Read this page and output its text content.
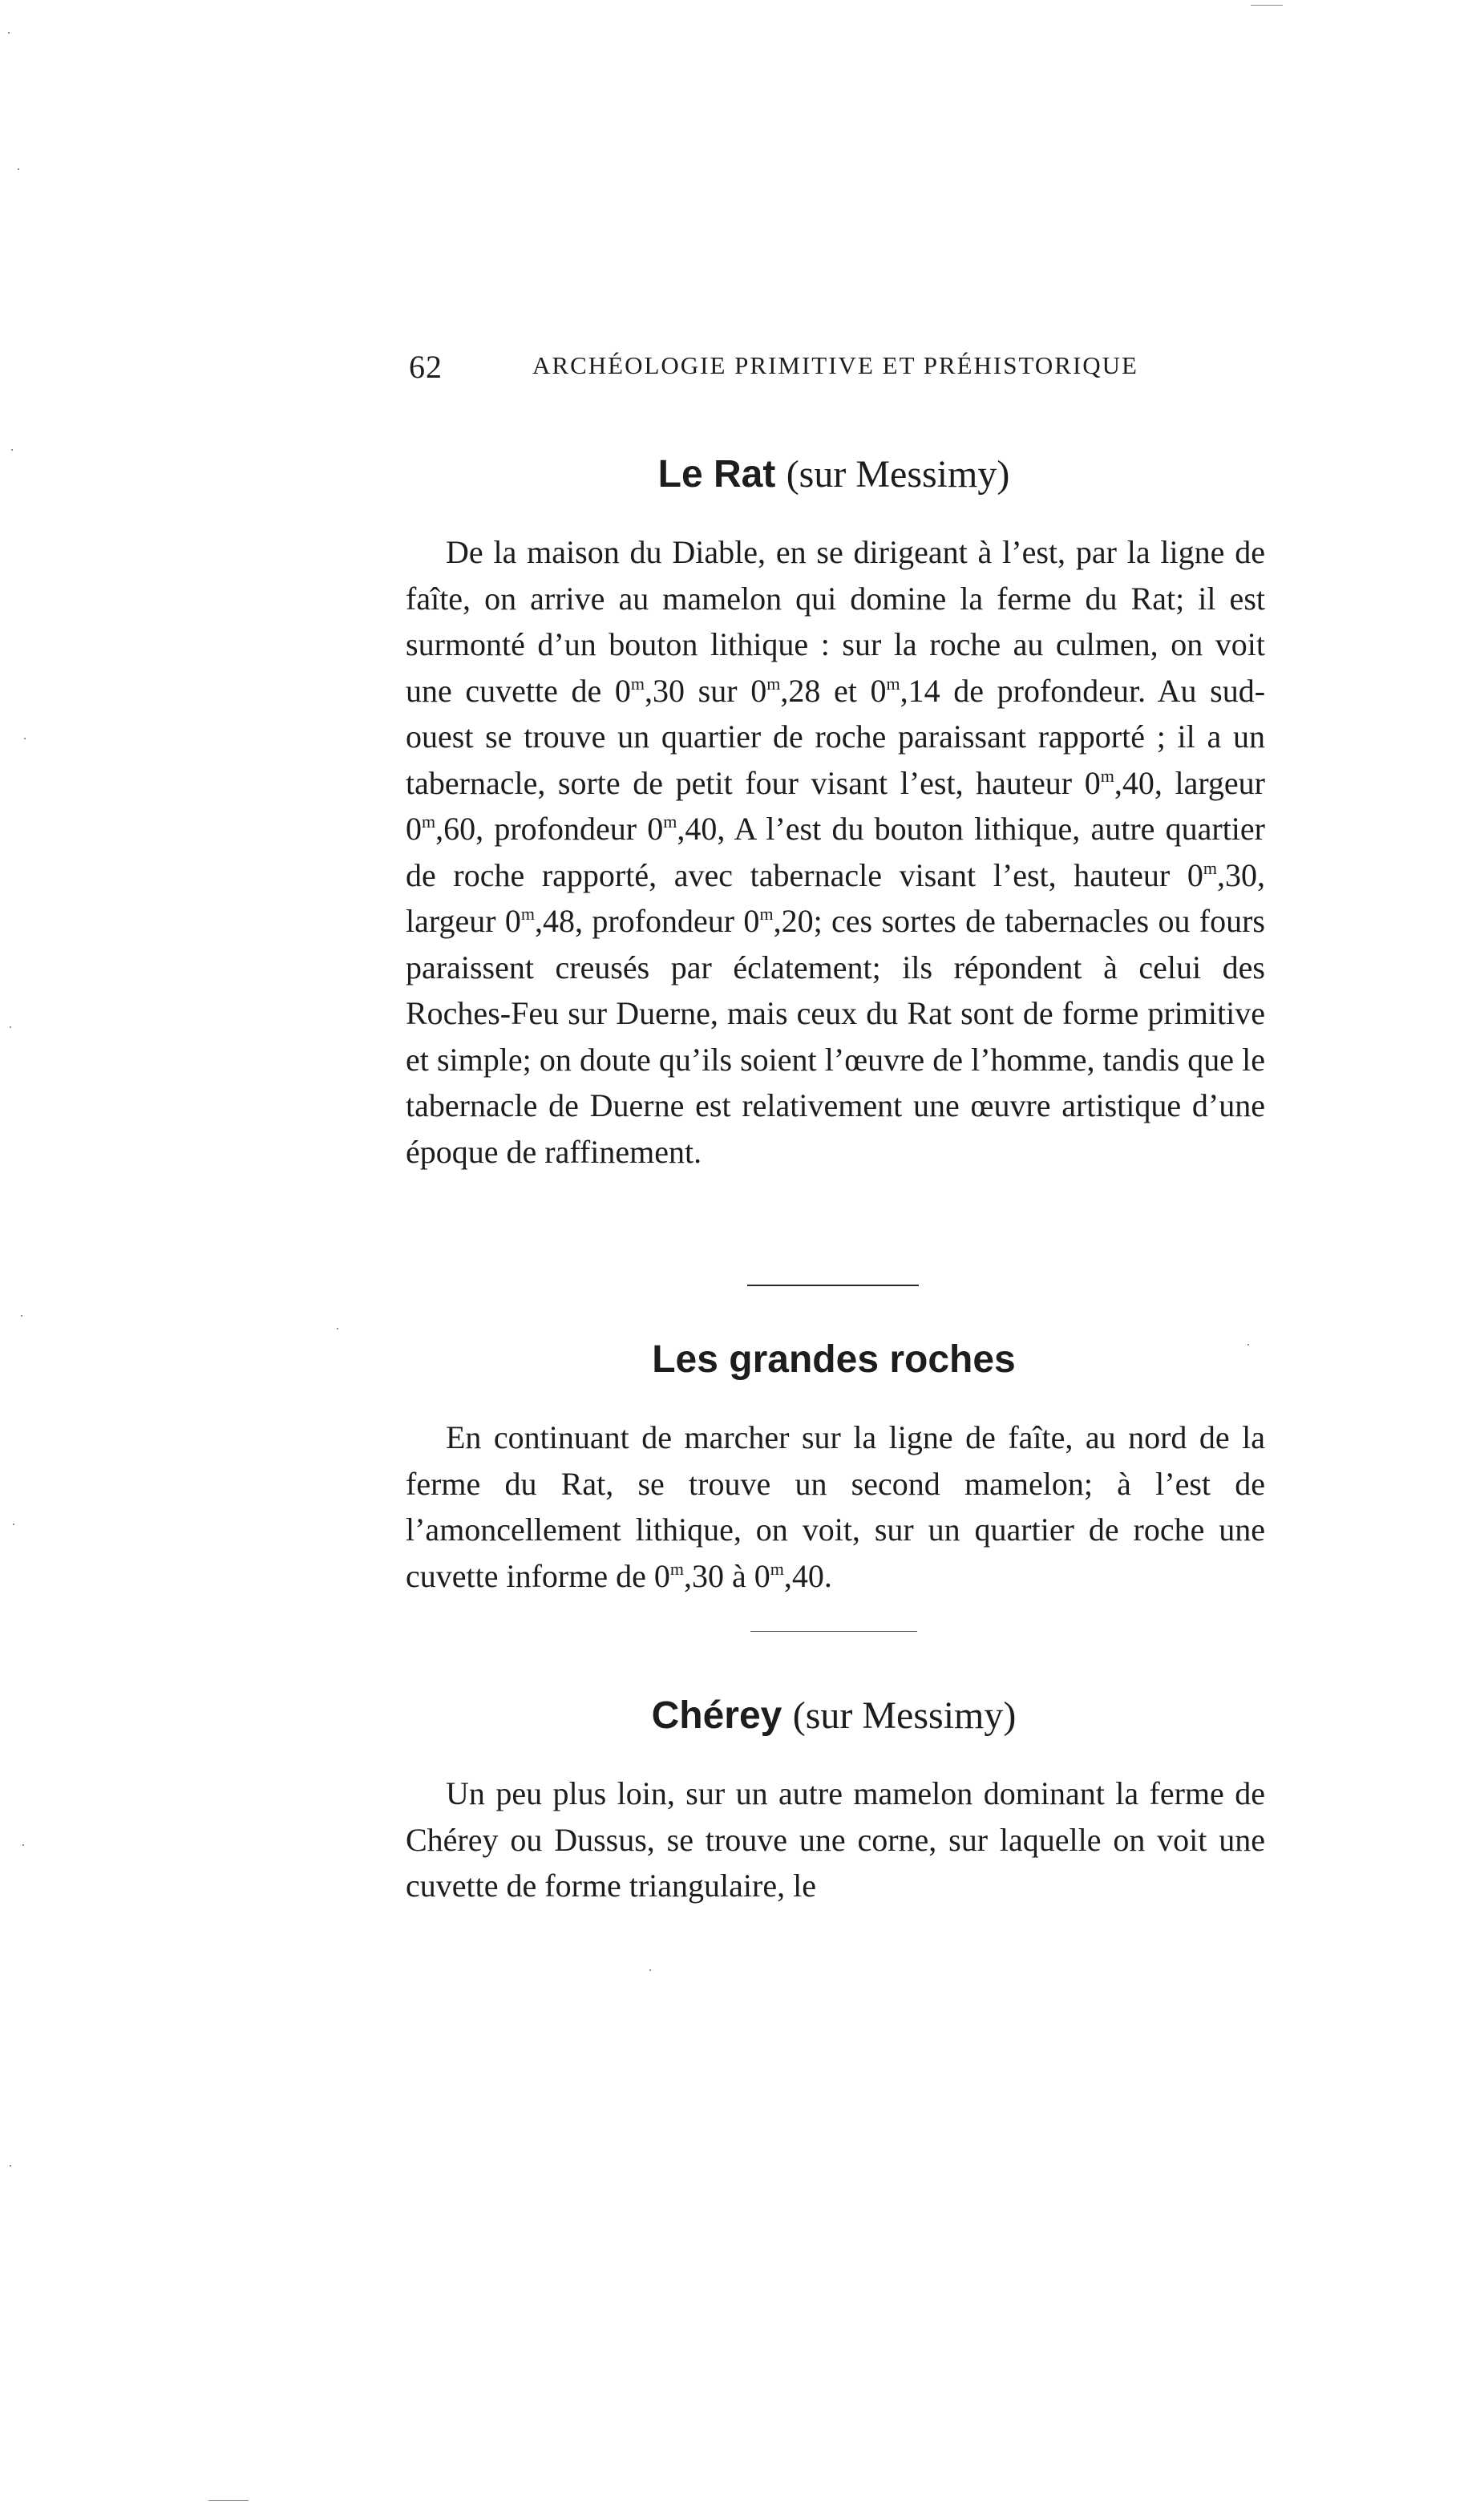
62	ARCHÉOLOGIE PRIMITIVE ET PRÉHISTORIQUE
Le Rat (sur Messimy)

De la maison du Diable, en se dirigeant à l’est, par la ligne de faîte, on arrive au mamelon qui domine la ferme du Rat; il est surmonté d’un bouton lithique : sur la roche au culmen, on voit une cuvette de 0$^m$,30 sur 0$^m$,28 et 0$^m$,14 de profondeur. Au sud-ouest se trouve un quartier de roche paraissant rapporté ; il a un tabernacle, sorte de petit four visant l’est, hauteur 0$^m$,40, largeur 0$^m$,60, profondeur 0$^m$,40, A l’est du bouton lithique, autre quartier de roche rapporté, avec tabernacle visant l’est, hauteur 0$^m$,30, largeur 0$^m$,48, profondeur 0$^m$,20; ces sortes de tabernacles ou fours paraissent creusés par éclatement; ils répondent à celui des Roches-Feu sur Duerne, mais ceux du Rat sont de forme primitive et simple; on doute qu’ils soient l’œuvre de l’homme, tandis que le tabernacle de Duerne est relativement une œuvre artistique d’une époque de raffinement.

Les grandes roches

En continuant de marcher sur la ligne de faîte, au nord de la ferme du Rat, se trouve un second mamelon; à l’est de l’amoncellement lithique, on voit, sur un quartier de roche une cuvette informe de 0$^m$,30 à 0$^m$,40.

Chérey (sur Messimy)

Un peu plus loin, sur un autre mamelon dominant la ferme de Chérey ou Dussus, se trouve une corne, sur laquelle on voit une cuvette de forme triangulaire, le
